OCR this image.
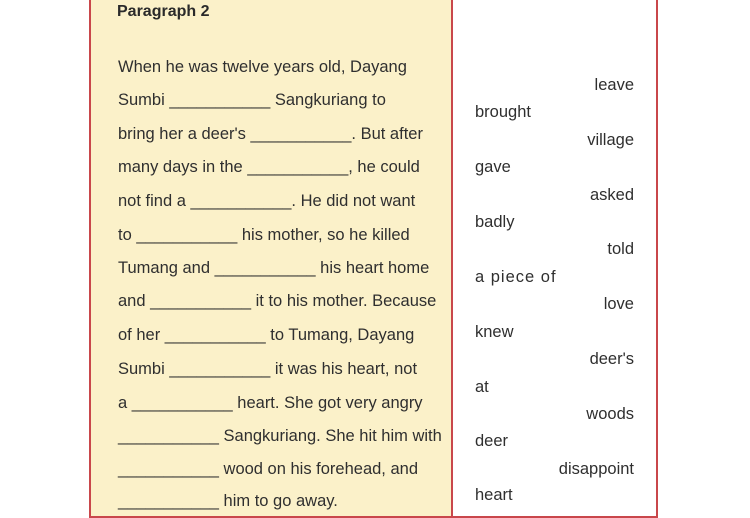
Paragraph 2
When he was twelve years old, Dayang
Sumbi ___________ Sangkuriang to
bring her a deer's ___________. But after
many days in the ___________, he could
not find a ___________. He did not want
to ___________ his mother, so he killed
Tumang and ___________ his heart home
and ___________ it to his mother. Because
of her ___________ to Tumang, Dayang
Sumbi ___________ it was his heart, not
a ___________ heart. She got very angry
___________ Sangkuriang. She hit him with
___________ wood on his forehead, and
___________ him to go away.
leave
brought
village
gave
asked
badly
told
a piece of
love
knew
deer's
at
woods
deer
disappoint
heart
